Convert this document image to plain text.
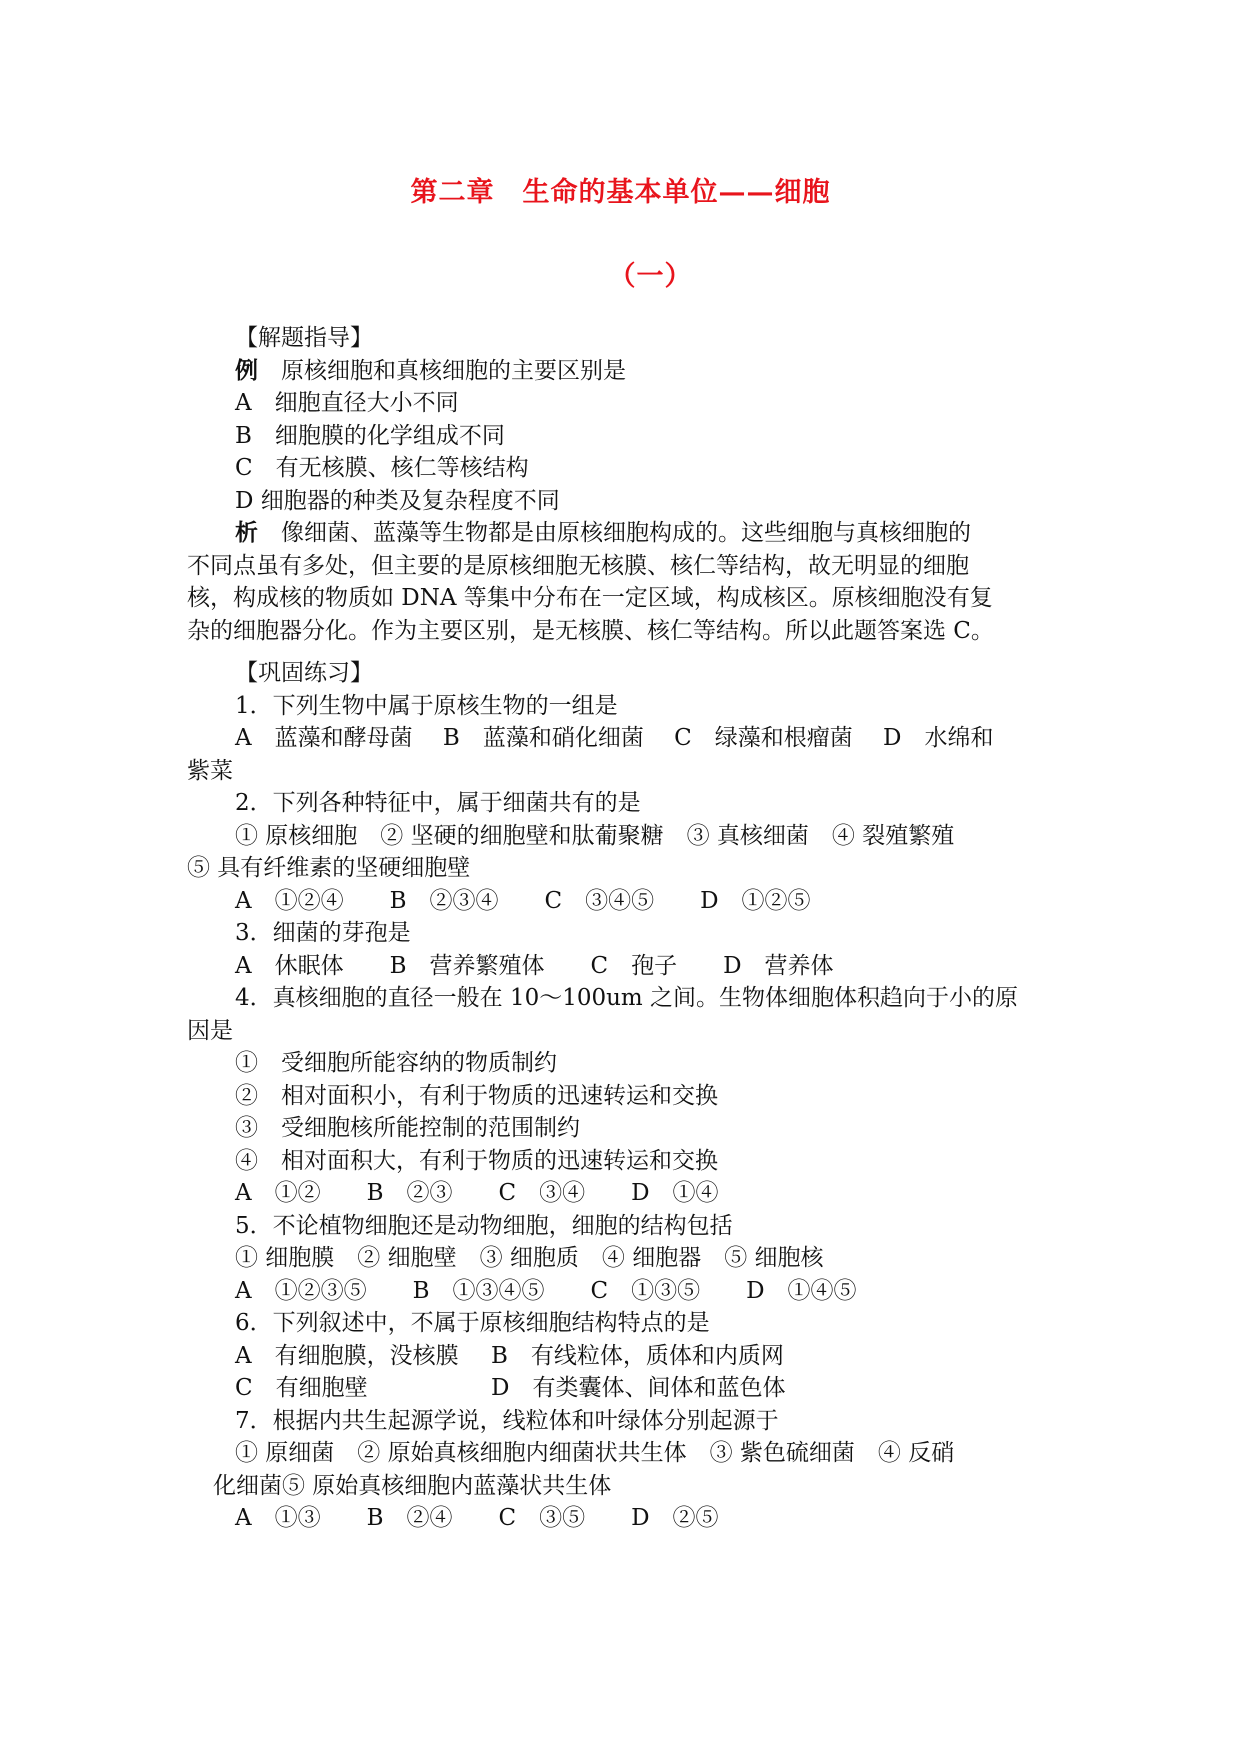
第二章　生命的基本单位——细胞
（一）
【解题指导】
例　 原核细胞和真核细胞的主要区别是
A　细胞直径大小不同
B　细胞膜的化学组成不同
C　有无核膜、核仁等核结构
D 细胞器的种类及复杂程度不同
析　 像细菌、蓝藻等生物都是由原核细胞构成的。这些细胞与真核细胞的
不同点虽有多处，但主要的是原核细胞无核膜、核仁等结构，故无明显的细胞
核，构成核的物质如 DNA 等集中分布在一定区域，构成核区。原核细胞没有复
杂的细胞器分化。作为主要区别，是无核膜、核仁等结构。所以此题答案选 C。
【巩固练习】
1．下列生物中属于原核生物的一组是
A　蓝藻和酵母菌　 B　蓝藻和硝化细菌　 C　绿藻和根瘤菌　 D　水绵和
紫菜
2．下列各种特征中，属于细菌共有的是
① 原核细胞　② 坚硬的细胞壁和肽葡聚糖　③ 真核细菌　④ 裂殖繁殖
⑤ 具有纤维素的坚硬细胞壁
A　①②④　　B　②③④　　C　③④⑤　　D　①②⑤
3．细菌的芽孢是
A　休眠体　　B　营养繁殖体　　C　孢子　　D　营养体
4．真核细胞的直径一般在 10～100um 之间。生物体细胞体积趋向于小的原
因是
①　受细胞所能容纳的物质制约
②　相对面积小，有利于物质的迅速转运和交换
③　受细胞核所能控制的范围制约
④　相对面积大，有利于物质的迅速转运和交换
A　①②　　B　②③　　C　③④　　D　①④
5．不论植物细胞还是动物细胞，细胞的结构包括
① 细胞膜　② 细胞壁　③ 细胞质　④ 细胞器　⑤ 细胞核
A　①②③⑤　　B　①③④⑤　　C　①③⑤　　D　①④⑤
6．下列叙述中，不属于原核细胞结构特点的是
A　有细胞膜，没核膜 B　有线粒体，质体和内质网
C　有细胞壁	D　有类囊体、间体和蓝色体
7．根据内共生起源学说，线粒体和叶绿体分别起源于
① 原细菌　② 原始真核细胞内细菌状共生体　③ 紫色硫细菌　④ 反硝
化细菌⑤ 原始真核细胞内蓝藻状共生体
A　①③　　B　②④　　C　③⑤　　D　②⑤
